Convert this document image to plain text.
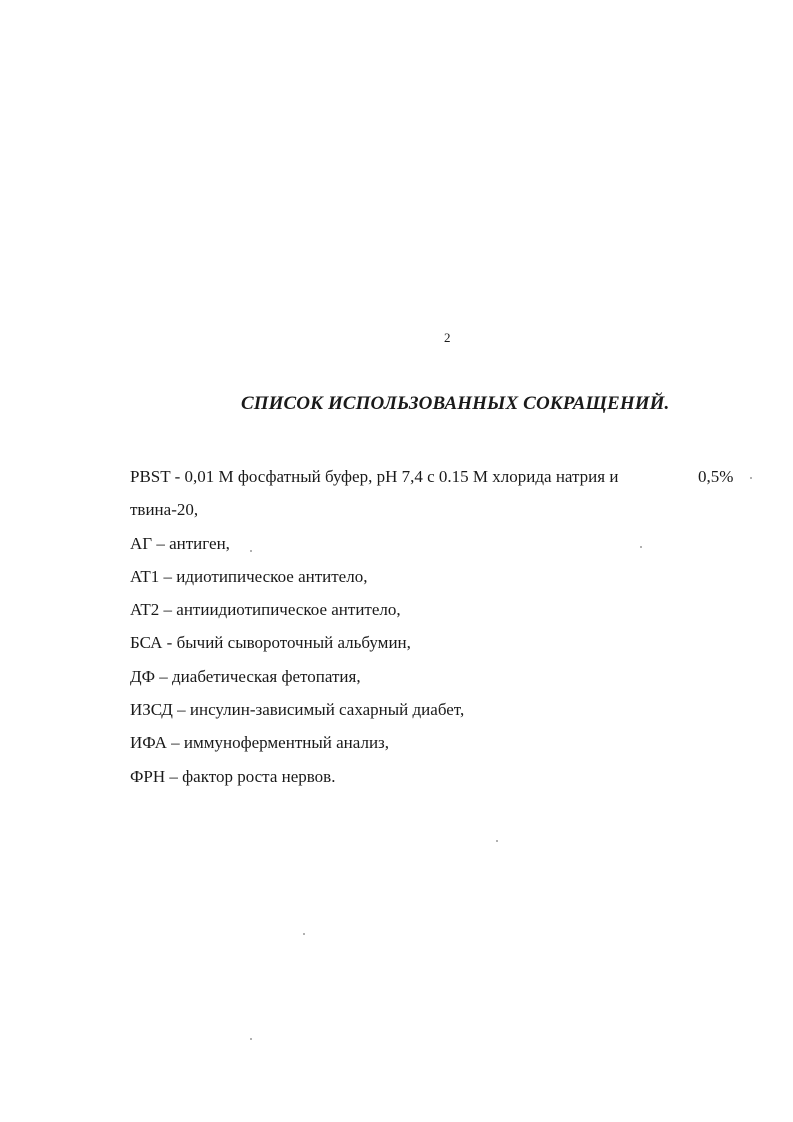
2
СПИСОК ИСПОЛЬЗОВАННЫХ СОКРАЩЕНИЙ.
PBST - 0,01 М фосфатный буфер, pH 7,4 с 0.15 М хлорида натрия и	0,5%
твина-20,
АГ – антиген,
AT1 – идиотипическое антитело,
AT2 – антиидиотипическое антитело,
БСА - бычий сывороточный альбумин,
ДФ – диабетическая фетопатия,
ИЗСД – инсулин-зависимый сахарный диабет,
ИФА – иммуноферментный анализ,
ФРН – фактор роста нервов.
